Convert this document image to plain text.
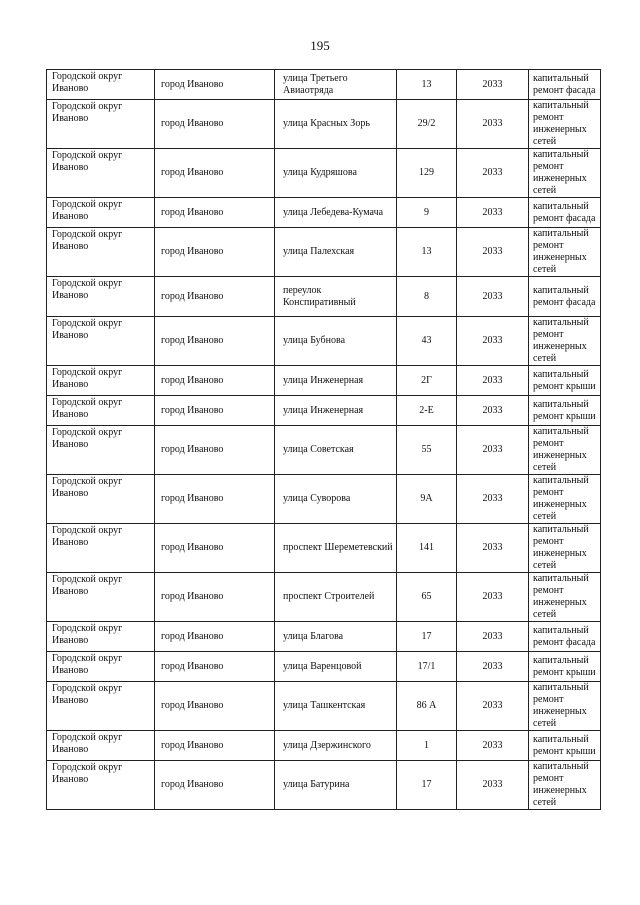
195
Городской округ Иваново	город Иваново	улица Третьего Авиаотряда	13	2033	капитальный ремонт фасада
Городской округ Иваново	город Иваново	улица Красных Зорь	29/2	2033	капитальный ремонт инженерных сетей
Городской округ Иваново	город Иваново	улица Кудряшова	129	2033	капитальный ремонт инженерных сетей
Городской округ Иваново	город Иваново	улица Лебедева-Кумача	9	2033	капитальный ремонт фасада
Городской округ Иваново	город Иваново	улица Палехская	13	2033	капитальный ремонт инженерных сетей
Городской округ Иваново	город Иваново	переулок Конспиративный	8	2033	капитальный ремонт фасада
Городской округ Иваново	город Иваново	улица Бубнова	43	2033	капитальный ремонт инженерных сетей
Городской округ Иваново	город Иваново	улица Инженерная	2Г	2033	капитальный ремонт крыши
Городской округ Иваново	город Иваново	улица Инженерная	2-Е	2033	капитальный ремонт крыши
Городской округ Иваново	город Иваново	улица Советская	55	2033	капитальный ремонт инженерных сетей
Городской округ Иваново	город Иваново	улица Суворова	9А	2033	капитальный ремонт инженерных сетей
Городской округ Иваново	город Иваново	проспект Шереметевский	141	2033	капитальный ремонт инженерных сетей
Городской округ Иваново	город Иваново	проспект Строителей	65	2033	капитальный ремонт инженерных сетей
Городской округ Иваново	город Иваново	улица Благова	17	2033	капитальный ремонт фасада
Городской округ Иваново	город Иваново	улица Варенцовой	17/1	2033	капитальный ремонт крыши
Городской округ Иваново	город Иваново	улица Ташкентская	86 А	2033	капитальный ремонт инженерных сетей
Городской округ Иваново	город Иваново	улица Дзержинского	1	2033	капитальный ремонт крыши
Городской округ Иваново	город Иваново	улица Батурина	17	2033	капитальный ремонт инженерных сетей
